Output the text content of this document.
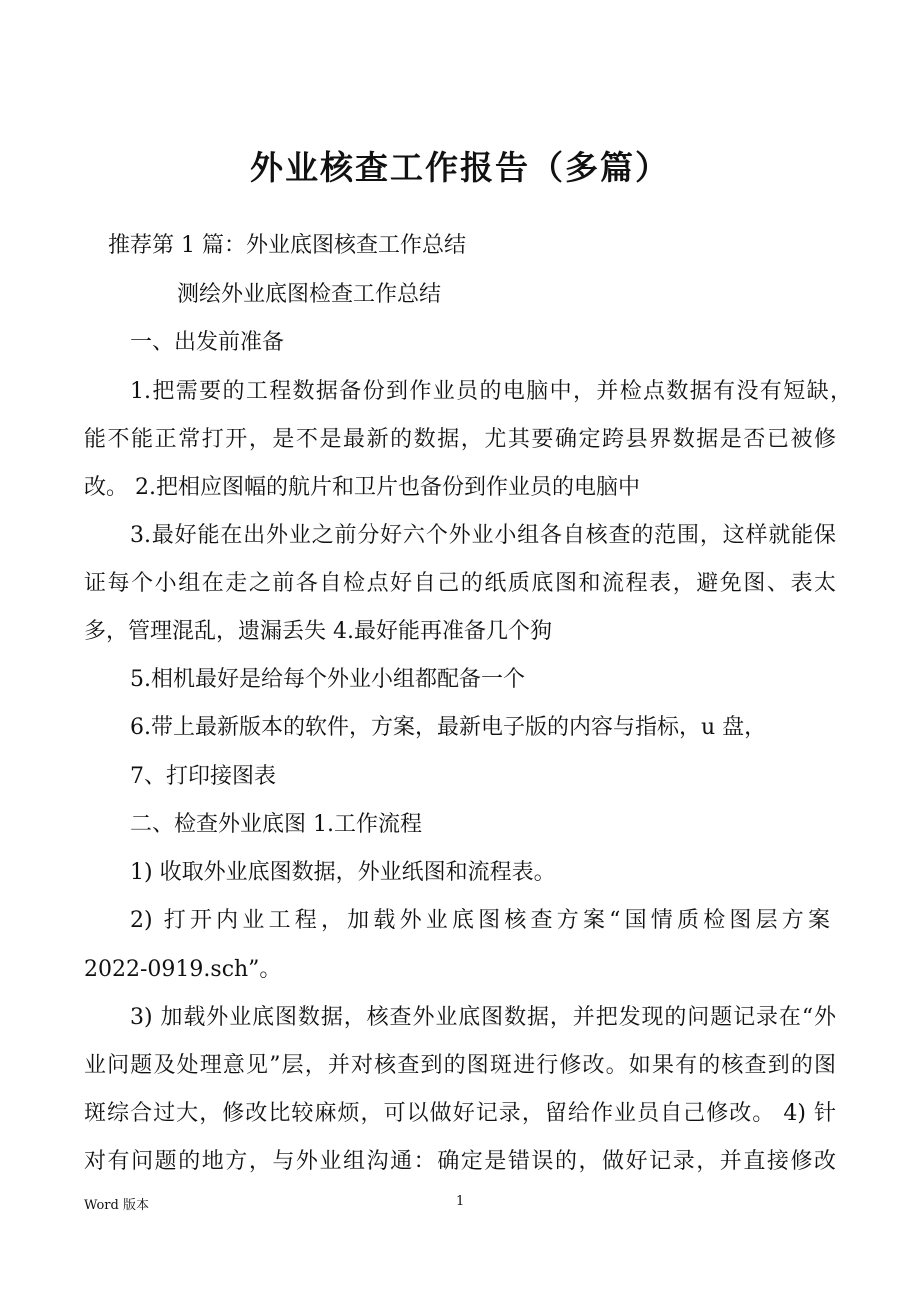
外业核查工作报告（多篇）
推荐第 1 篇：外业底图核查工作总结
测绘外业底图检查工作总结
一、出发前准备
1.把需要的工程数据备份到作业员的电脑中，并检点数据有没有短缺，
能不能正常打开，是不是最新的数据，尤其要确定跨县界数据是否已被修
改。 2.把相应图幅的航片和卫片也备份到作业员的电脑中
3.最好能在出外业之前分好六个外业小组各自核查的范围，这样就能保
证每个小组在走之前各自检点好自己的纸质底图和流程表，避免图、表太
多，管理混乱，遗漏丢失 4.最好能再准备几个狗
5.相机最好是给每个外业小组都配备一个
6.带上最新版本的软件，方案，最新电子版的内容与指标，u 盘，
7、打印接图表
二、检查外业底图 1.工作流程
1) 收取外业底图数据，外业纸图和流程表。
2) 打开内业工程，加载外业底图核查方案“国情质检图层方案
2022-0919.sch”。
3) 加载外业底图数据，核查外业底图数据，并把发现的问题记录在“外
业问题及处理意见”层，并对核查到的图斑进行修改。如果有的核查到的图
斑综合过大，修改比较麻烦，可以做好记录，留给作业员自己修改。 4) 针
对有问题的地方，与外业组沟通：确定是错误的，做好记录，并直接修改
Word 版本	1
